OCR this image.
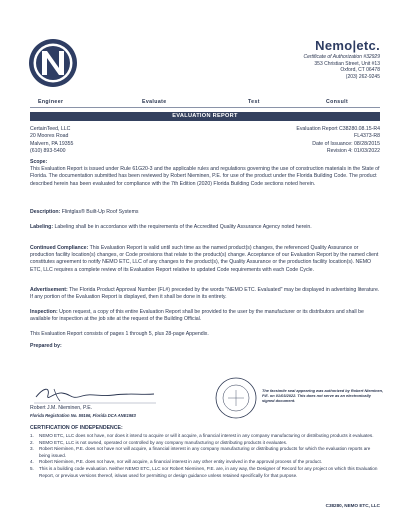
Nemo|etc.
Certificate of Authorization #32929
353 Christian Street, Unit #13
Oxford, CT 06478
(203) 262-9245
Engineer	Evaluate	Test	Consult
EVALUATION REPORT
CertainTeed, LLC
20 Moores Road
Malvern, PA 19355
(610) 893-5400
Evaluation Report C38280.08.15-R4
FL4373-R8
Date of Issuance: 08/28/2015
Revision 4: 01/03/2022
Scope:
This Evaluation Report is issued under Rule 61G20-3 and the applicable rules and regulations governing the use of construction materials in the State of Florida. The documentation submitted has been reviewed by Robert Nieminen, P.E. for use of the product under the Florida Building Code. The product described herein has been evaluated for compliance with the 7th Edition (2020) Florida Building Code sections noted herein.
Description: Flintglas® Built-Up Roof Systems
Labeling: Labeling shall be in accordance with the requirements of the Accredited Quality Assurance Agency noted herein.
Continued Compliance: This Evaluation Report is valid until such time as the named product(s) changes, the referenced Quality Assurance or production facility location(s) changes, or Code provisions that relate to the product(s) change. Acceptance of our Evaluation Report by the named client constitutes agreement to notify NEMO ETC, LLC of any changes to the product(s), the Quality Assurance or the production facility location(s). NEMO ETC, LLC requires a complete review of its Evaluation Report relative to updated Code requirements with each Code Cycle.
Advertisement: The Florida Product Approval Number (FL#) preceded by the words "NEMO ETC. Evaluated" may be displayed in advertising literature. If any portion of the Evaluation Report is displayed, then it shall be done in its entirety.
Inspection: Upon request, a copy of this entire Evaluation Report shall be provided to the user by the manufacturer or its distributors and shall be available for inspection at the job site at the request of the Building Official.
This Evaluation Report consists of pages 1 through 5, plus 28-page Appendix.
Prepared by:
Robert J.M. Nieminen, P.E.
Florida Registration No. 59166, Florida DCA ANE1983
The facsimile seal appearing was authorized by Robert Nieminen, P.E. on 01/03/2022. This does not serve as an electronically signed document.
CERTIFICATION OF INDEPENDENCE:
1.	NEMO ETC, LLC does not have, nor does it intend to acquire or will it acquire, a financial interest in any company manufacturing or distributing products it evaluates.
2.	NEMO ETC, LLC is not owned, operated or controlled by any company manufacturing or distributing products it evaluates.
3.	Robert Nieminen, P.E. does not have nor will acquire, a financial interest in any company manufacturing or distributing products for which the evaluation reports are being issued.
4.	Robert Nieminen, P.E. does not have, nor will acquire, a financial interest in any other entity involved in the approval process of the product.
5.	This is a building code evaluation. Neither NEMO ETC, LLC nor Robert Nieminen, P.E. are, in any way, the Designer of Record for any project on which this Evaluation Report, or previous versions thereof, is/was used for permitting or design guidance unless retained specifically for that purpose.
C38280, NEMO ETC, LLC
